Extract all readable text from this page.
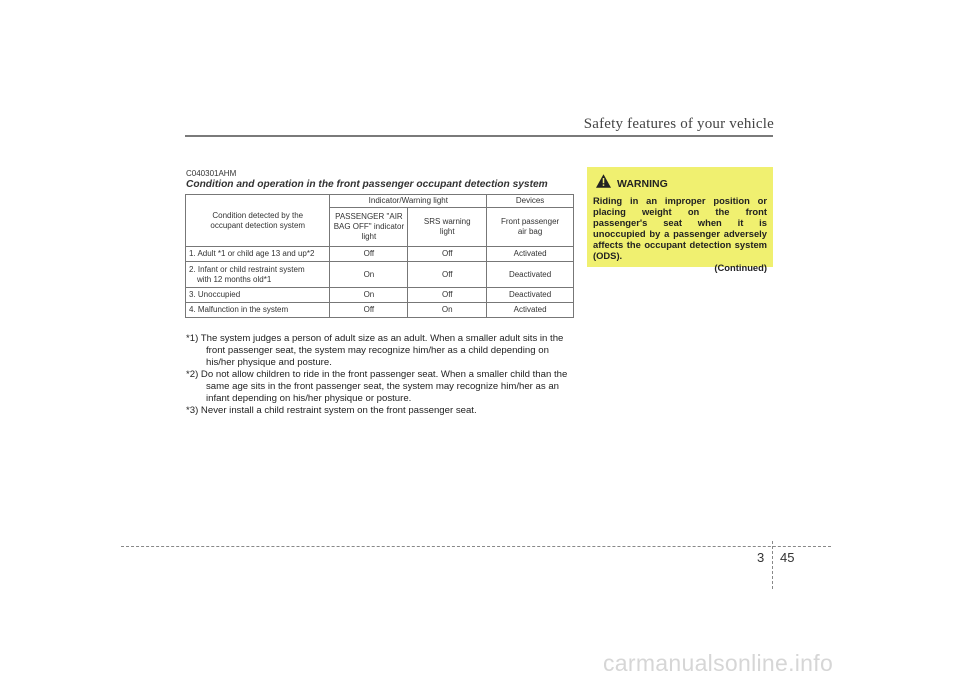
Safety features of your vehicle
C040301AHM
Condition and operation in the front passenger occupant detection system
Condition detected by the occupant detection system	Indicator/Warning light		Devices
	PASSENGER "AIR BAG OFF" indicator light	SRS warning light	Front passenger air bag
1. Adult *1 or child age 13 and up*2	Off	Off	Activated

2. Infant or child restraint system
with 12 months old*1	On	Off	Deactivated
3. Unoccupied	On	Off	Deactivated
4. Malfunction in the system	Off	On	Activated
*1) The system judges a person of adult size as an adult. When a smaller adult sits in the front passenger seat, the system may recognize him/her as a child depending on his/her physique and posture.
*2) Do not allow children to ride in the front passenger seat. When a smaller child than the same age sits in the front passenger seat, the system may recognize him/her as an infant depending on his/her physique or posture.
*3) Never install a child restraint system on the front passenger seat.
WARNING
Riding in an improper position or placing weight on the front passenger's seat when it is unoccupied by a passenger adversely affects the occupant detection system (ODS).
(Continued)
3 45
carmanualsonline.info
